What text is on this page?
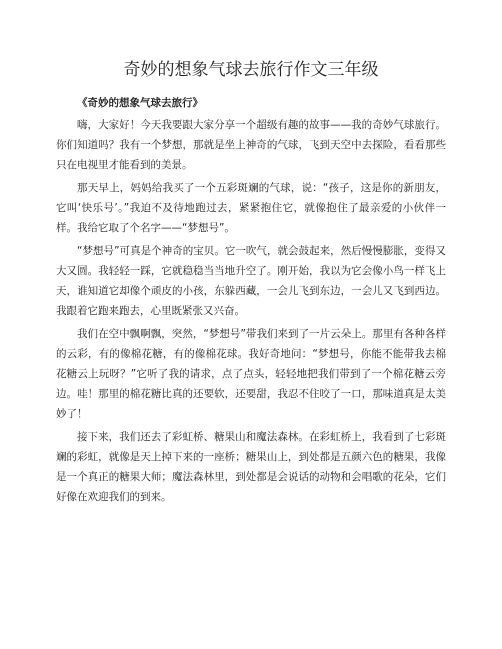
奇妙的想象气球去旅行作文三年级
《奇妙的想象气球去旅行》

嗨，大家好！今天我要跟大家分享一个超级有趣的故事——我的奇妙气球旅行。你们知道吗？我有一个梦想，那就是坐上神奇的气球，飞到天空中去探险，看看那些只在电视里才能看到的美景。

那天早上，妈妈给我买了一个五彩斑斓的气球，说：“孩子，这是你的新朋友，它叫‘快乐号’。”我迫不及待地跑过去，紧紧抱住它，就像抱住了最亲爱的小伙伴一样。我给它取了个名字——“梦想号”。

“梦想号”可真是个神奇的宝贝。它一吹气，就会鼓起来，然后慢慢膨胀，变得又大又圆。我轻轻一踩，它就稳稳当当地升空了。刚开始，我以为它会像小鸟一样飞上天，谁知道它却像个顽皮的小孩，东躲西藏，一会儿飞到东边，一会儿又飞到西边。我跟着它跑来跑去，心里既紧张又兴奋。

我们在空中飘啊飘，突然，“梦想号”带我们来到了一片云朵上。那里有各种各样的云彩，有的像棉花糖，有的像棉花球。我好奇地问：“梦想号，你能不能带我去棉花糖云上玩呀？”它听了我的请求，点了点头，轻轻地把我们带到了一个棉花糖云旁边。哇！那里的棉花糖比真的还要软，还要甜，我忍不住咬了一口，那味道真是太美妙了！

接下来，我们还去了彩虹桥、糖果山和魔法森林。在彩虹桥上，我看到了七彩斑斓的彩虹，就像是天上掉下来的一座桥；糖果山上，到处都是五颜六色的糖果，我像是一个真正的糖果大师；魔法森林里，到处都是会说话的动物和会唱歌的花朵，它们好像在欢迎我们的到来。
